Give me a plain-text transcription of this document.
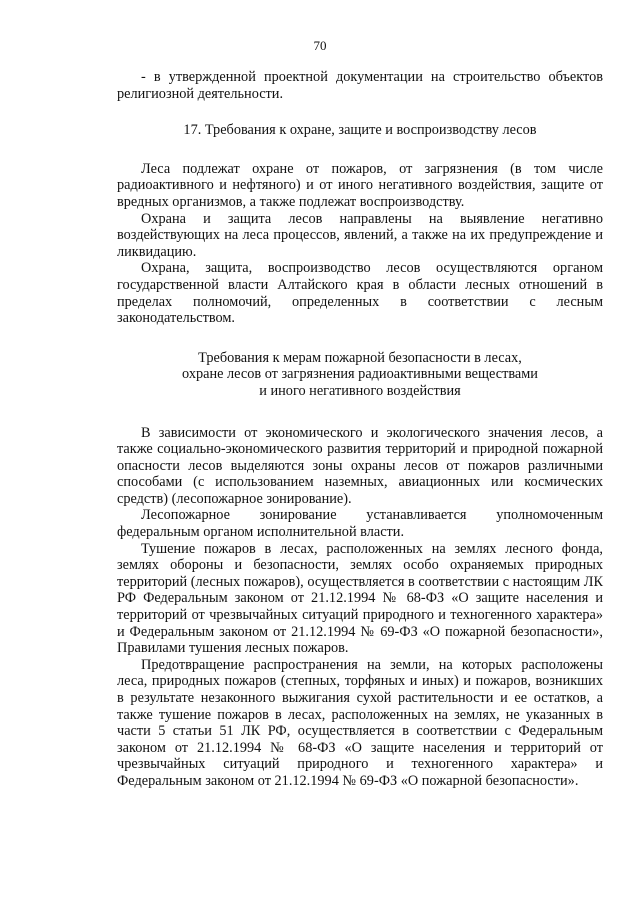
70

- в утвержденной проектной документации на строительство объектов религиозной деятельности.

17. Требования к охране, защите и воспроизводству лесов

Леса подлежат охране от пожаров, от загрязнения (в том числе радиоактивного и нефтяного) и от иного негативного воздействия, защите от вредных организмов, а также подлежат воспроизводству.

Охрана и защита лесов направлены на выявление негативно воздействующих на леса процессов, явлений, а также на их предупреждение и ликвидацию.

Охрана, защита, воспроизводство лесов осуществляются органом государственной власти Алтайского края в области лесных отношений в пределах полномочий, определенных в соответствии с лесным законодательством.

Требования к мерам пожарной безопасности в лесах,
охране лесов от загрязнения радиоактивными веществами
и иного негативного воздействия

В зависимости от экономического и экологического значения лесов, а также социально-экономического развития территорий и природной пожарной опасности лесов выделяются зоны охраны лесов от пожаров различными способами (с использованием наземных, авиационных или космических средств) (лесопожарное зонирование).

Лесопожарное зонирование устанавливается уполномоченным федеральным органом исполнительной власти.

Тушение пожаров в лесах, расположенных на землях лесного фонда, землях обороны и безопасности, землях особо охраняемых природных территорий (лесных пожаров), осуществляется в соответствии с настоящим ЛК РФ Федеральным законом от 21.12.1994 № 68-ФЗ «О защите населения и территорий от чрезвычайных ситуаций природного и техногенного характера» и Федеральным законом от 21.12.1994 № 69-ФЗ «О пожарной безопасности», Правилами тушения лесных пожаров.

Предотвращение распространения на земли, на которых расположены леса, природных пожаров (степных, торфяных и иных) и пожаров, возникших в результате незаконного выжигания сухой растительности и ее остатков, а также тушение пожаров в лесах, расположенных на землях, не указанных в части 5 статьи 51 ЛК РФ, осуществляется в соответствии с Федеральным законом от 21.12.1994 № 68-ФЗ «О защите населения и территорий от чрезвычайных ситуаций природного и техногенного характера» и Федеральным законом от 21.12.1994 № 69-ФЗ «О пожарной безопасности».
